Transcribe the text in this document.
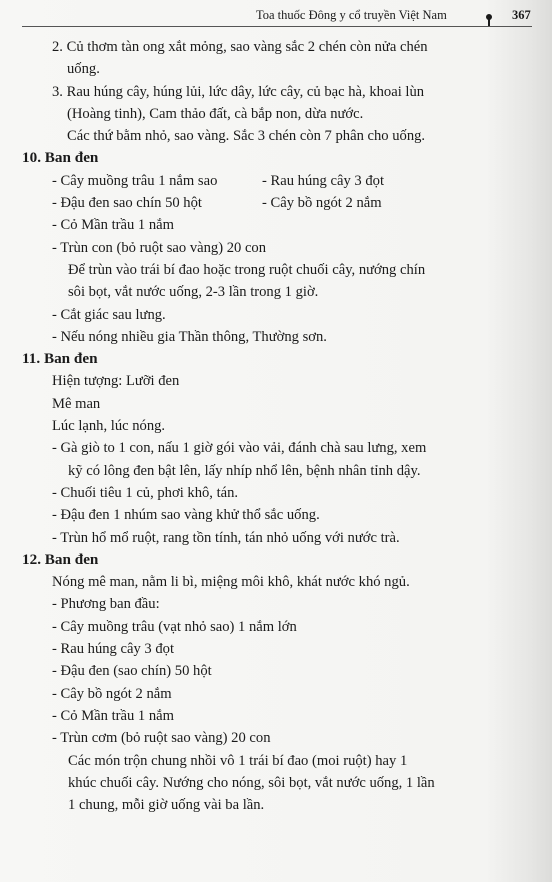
Toa thuốc Đông y cổ truyền Việt Nam	367
2. Củ thơm tàn ong xắt mỏng, sao vàng sắc 2 chén còn nửa chén
uống.
3. Rau húng cây, húng lủi, lức dây, lức cây, củ bạc hà, khoai lùn
(Hoàng tinh), Cam thảo đất, cà bắp non, dừa nước.
Các thứ bằm nhỏ, sao vàng. Sắc 3 chén còn 7 phân cho uống.
10. Ban đen
- Cây muồng trâu 1 nắm sao	- Rau húng cây 3 đọt
- Đậu đen sao chín 50 hột	- Cây bồ ngót 2 nắm
- Cỏ Mần trầu 1 nắm
- Trùn con (bỏ ruột sao vàng) 20 con
Để trùn vào trái bí đao hoặc trong ruột chuối cây, nướng chín
sôi bọt, vắt nước uống, 2-3 lần trong 1 giờ.
- Cắt giác sau lưng.
- Nếu nóng nhiều gia Thần thông, Thường sơn.
11. Ban đen
Hiện tượng: Lưỡi đen
Mê man
Lúc lạnh, lúc nóng.
- Gà giò to 1 con, nấu 1 giờ gói vào vải, đánh chà sau lưng, xem
kỹ có lông đen bật lên, lấy nhíp nhổ lên, bệnh nhân tỉnh dậy.
- Chuối tiêu 1 củ, phơi khô, tán.
- Đậu đen 1 nhúm sao vàng khử thổ sắc uống.
- Trùn hổ mổ ruột, rang tồn tính, tán nhỏ uống với nước trà.
12. Ban đen
Nóng mê man, nằm li bì, miệng môi khô, khát nước khó ngủ.
- Phương ban đầu:
- Cây muồng trâu (vạt nhỏ sao) 1 nắm lớn
- Rau húng cây 3 đọt
- Đậu đen (sao chín) 50 hột
- Cây bồ ngót 2 nắm
- Cỏ Mần trầu 1 nắm
- Trùn cơm (bỏ ruột sao vàng) 20 con
Các món trộn chung nhồi vô 1 trái bí đao (moi ruột) hay 1
khúc chuối cây. Nướng cho nóng, sôi bọt, vắt nước uống, 1 lần
1 chung, mỗi giờ uống vài ba lần.
